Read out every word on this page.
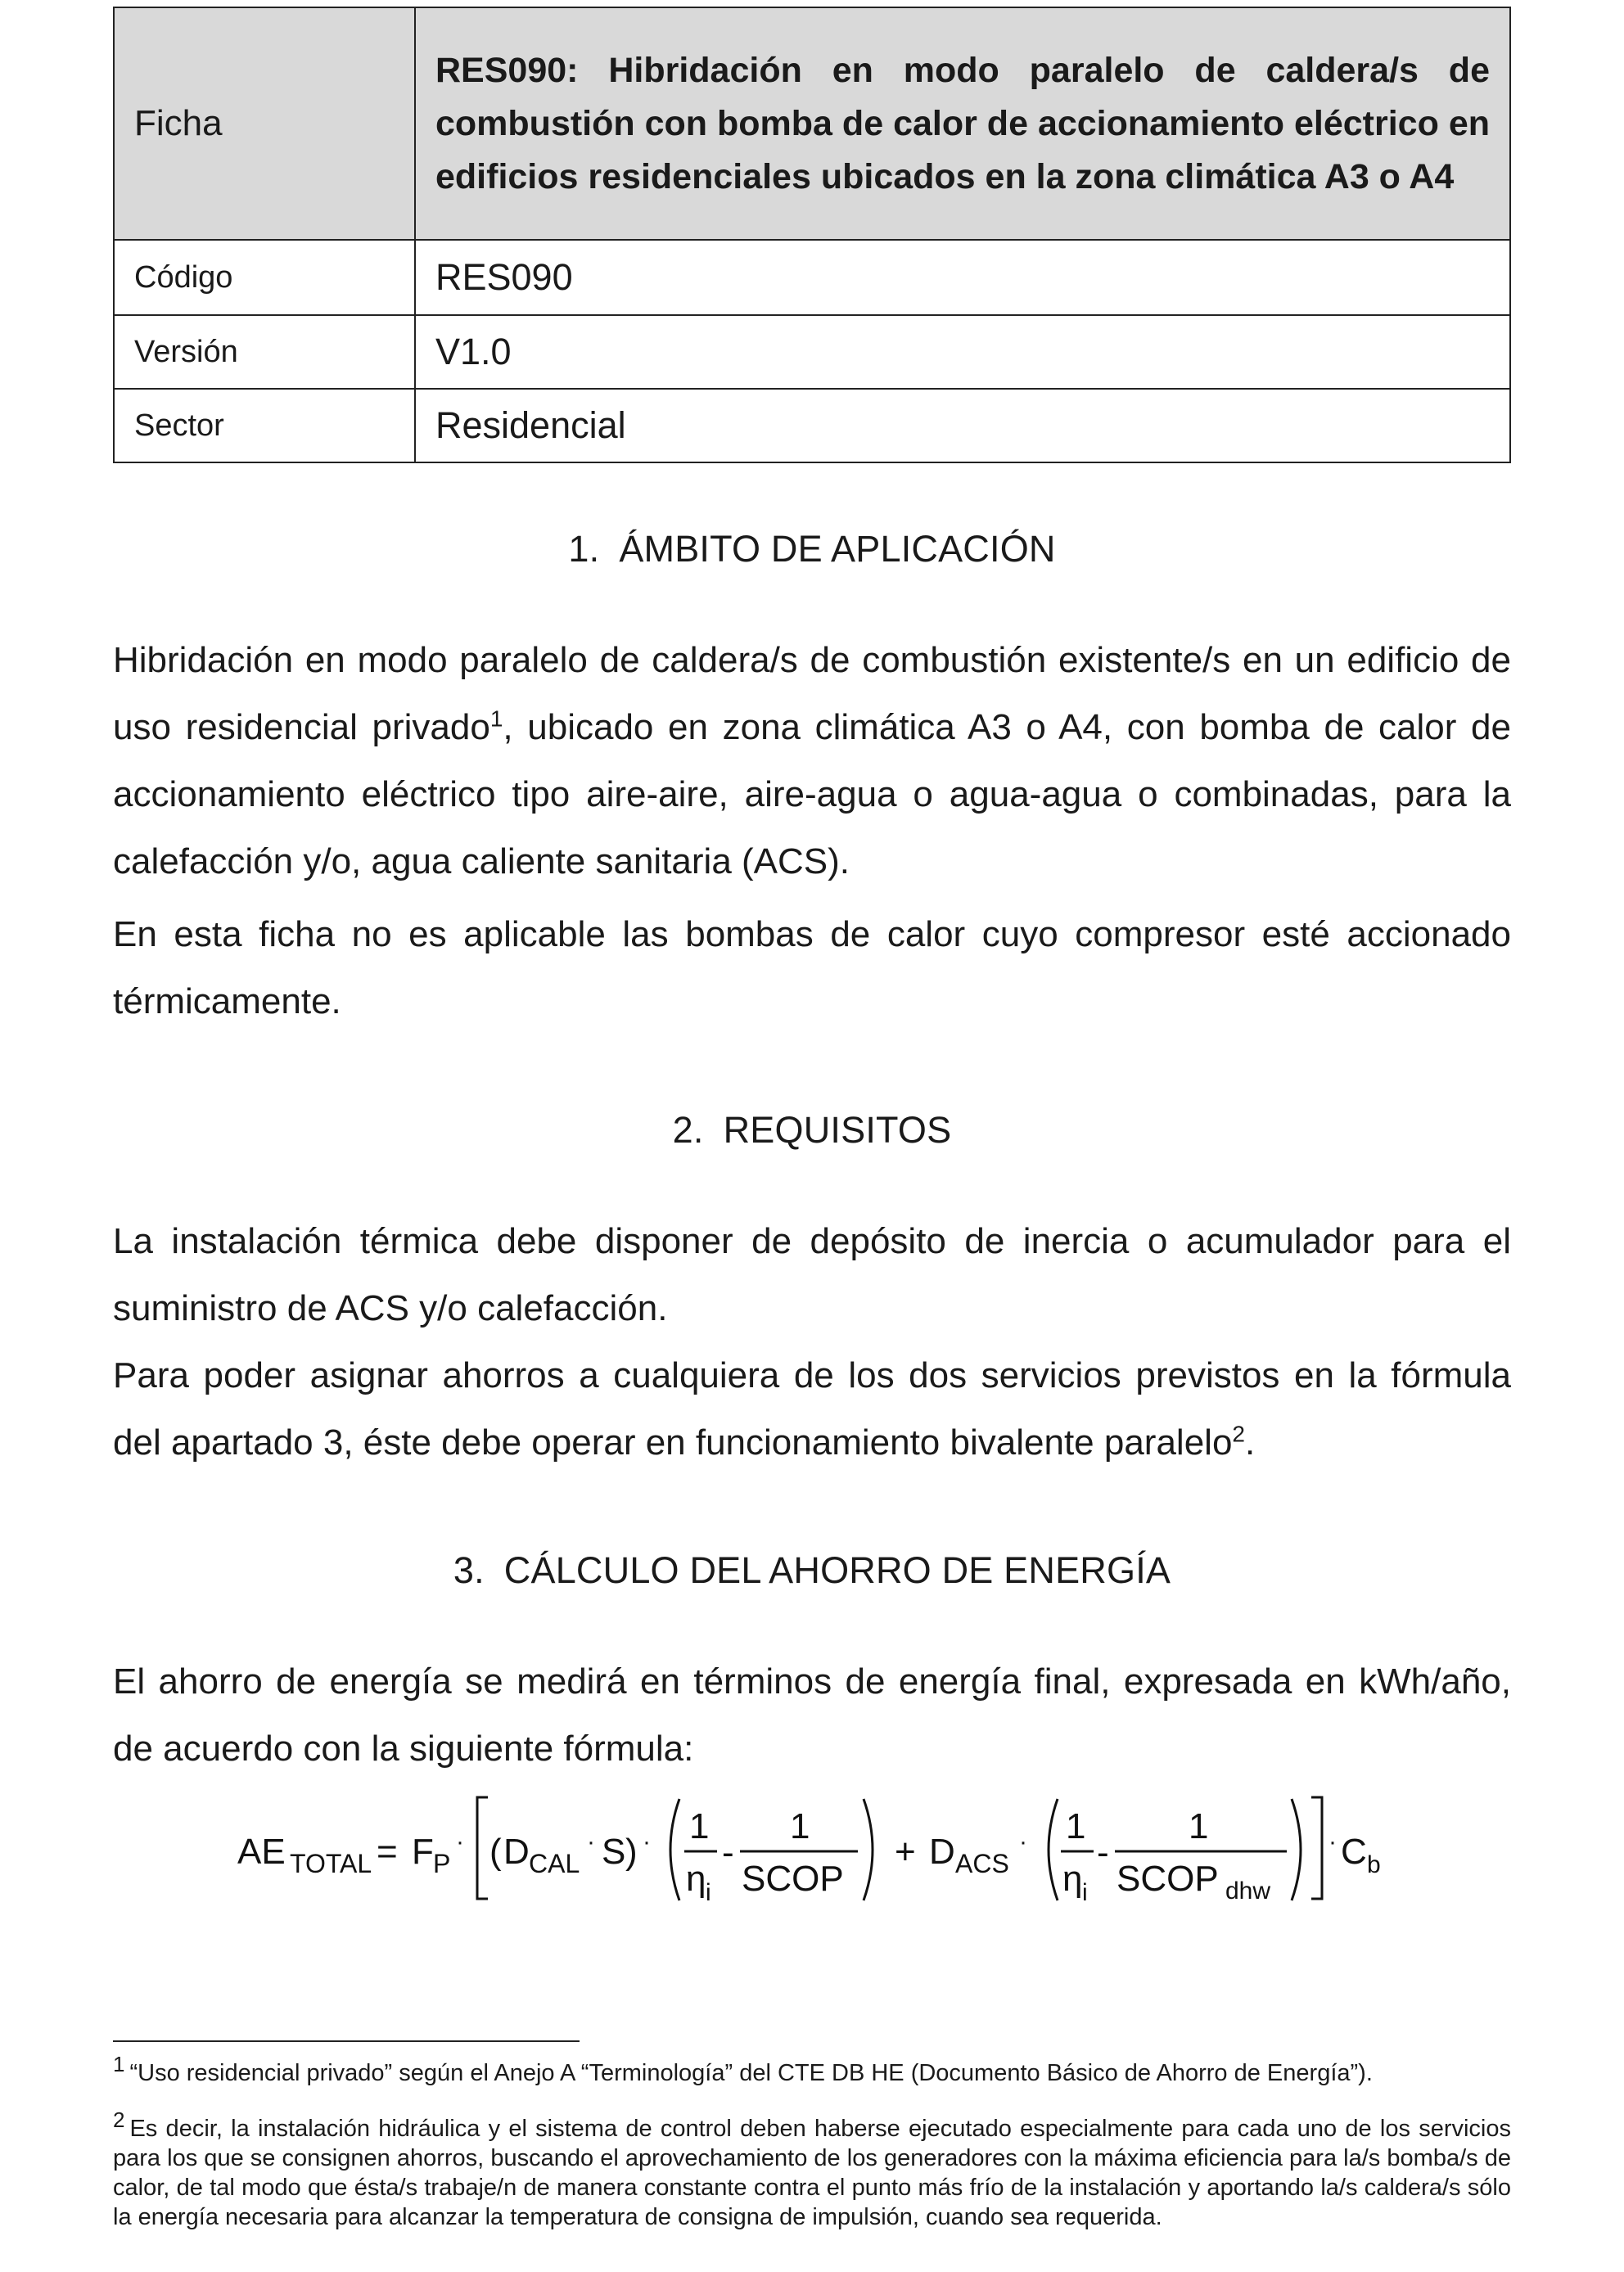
Ficha	RES090: Hibridación en modo paralelo de caldera/s de combustión con bomba de calor de accionamiento eléctrico en edificios residenciales ubicados en la zona climática A3 o A4
Código	RES090
Versión	V1.0
Sector	Residencial
1. ÁMBITO DE APLICACIÓN

Hibridación en modo paralelo de caldera/s de combustión existente/s en un edificio de uso residencial privado$^1$, ubicado en zona climática A3 o A4, con bomba de calor de accionamiento eléctrico tipo aire-aire, aire-agua o agua-agua o combinadas, para la calefacción y/o, agua caliente sanitaria (ACS).

En esta ficha no es aplicable las bombas de calor cuyo compresor esté accionado térmicamente.

2. REQUISITOS

La instalación térmica debe disponer de depósito de inercia o acumulador para el suministro de ACS y/o calefacción.

Para poder asignar ahorros a cualquiera de los dos servicios previstos en la fórmula del apartado 3, éste debe operar en funcionamiento bivalente paralelo$^2$.

3. CÁLCULO DEL AHORRO DE ENERGÍA

El ahorro de energía se medirá en términos de energía final, expresada en kWh/año, de acuerdo con la siguiente fórmula:

AE TOTAL = F P
· ( D CAL
· S ) · 1
η i
-
1
SCOP
+ D ACS
· 1
η i
-
1
SCOP dhw
· C b

1 “Uso residencial privado” según el Anejo A “Terminología” del CTE DB HE (Documento Básico de Ahorro de Energía”).

2 Es decir, la instalación hidráulica y el sistema de control deben haberse ejecutado especialmente para cada uno de los servicios para los que se consignen ahorros, buscando el aprovechamiento de los generadores con la máxima eficiencia para la/s bomba/s de calor, de tal modo que ésta/s trabaje/n de manera constante contra el punto más frío de la instalación y aportando la/s caldera/s sólo la energía necesaria para alcanzar la temperatura de consigna de impulsión, cuando sea requerida.
